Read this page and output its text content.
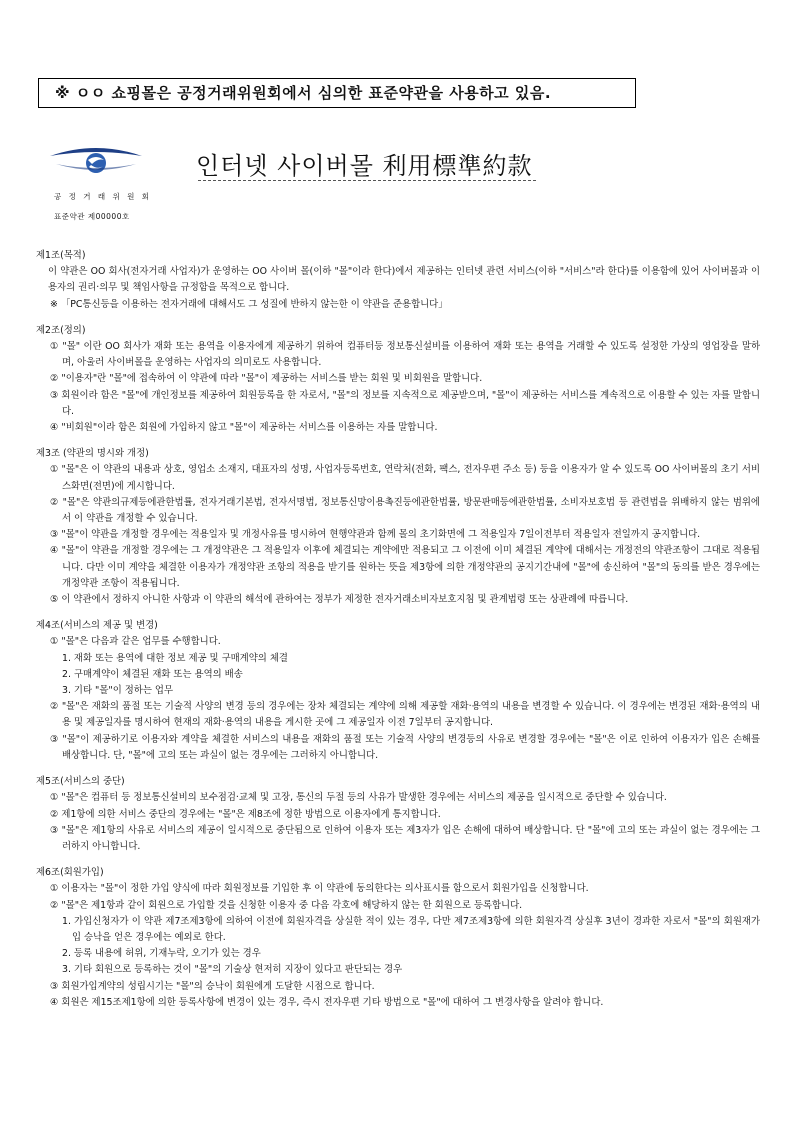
※ ㅇㅇ 쇼핑몰은 공정거래위원회에서 심의한 표준약관을 사용하고 있음.
공 정 거 래 위 원 회
표준약관 제00000호
인터넷 사이버몰 利用標準約款

제1조(목적)

이 약관은 OO 회사(전자거래 사업자)가 운영하는 OO 사이버 몰(이하 "몰"이라 한다)에서 제공하는 인터넷 관련 서비스(이하 "서비스"라 한다)를 이용함에 있어 사이버몰과 이용자의 권리·의무 및 책임사항을 규정함을 목적으로 합니다.

※ 「PC통신등을 이용하는 전자거래에 대해서도 그 성질에 반하지 않는한 이 약관을 준용합니다」

제2조(정의)

① "몰" 이란 OO 회사가 재화 또는 용역을 이용자에게 제공하기 위하여 컴퓨터등 정보통신설비를 이용하여 재화 또는 용역을 거래할 수 있도록 설정한 가상의 영업장을 말하며, 아울러 사이버몰을 운영하는 사업자의 의미로도 사용합니다.

② "이용자"란 "몰"에 접속하여 이 약관에 따라 "몰"이 제공하는 서비스를 받는 회원 및 비회원을 말합니다.

③ 회원이라 함은 "몰"에 개인정보를 제공하여 회원등록을 한 자로서, "몰"의 정보를 지속적으로 제공받으며, "몰"이 제공하는 서비스를 계속적으로 이용할 수 있는 자를 말합니다.

④ "비회원"이라 함은 회원에 가입하지 않고 "몰"이 제공하는 서비스를 이용하는 자를 말합니다.

제3조 (약관의 명시와 개정)

① "몰"은 이 약관의 내용과 상호, 영업소 소재지, 대표자의 성명, 사업자등록번호, 연락처(전화, 팩스, 전자우편 주소 등) 등을 이용자가 알 수 있도록 OO 사이버몰의 초기 서비스화면(전면)에 게시합니다.

② "몰"은 약관의규제등에관한법률, 전자거래기본법, 전자서명법, 정보통신망이용촉진등에관한법률, 방문판매등에관한법률, 소비자보호법 등 관련법을 위배하지 않는 범위에서 이 약관을 개정할 수 있습니다.

③ "몰"이 약관을 개정할 경우에는 적용일자 및 개정사유를 명시하여 현행약관과 함께 몰의 초기화면에 그 적용일자 7일이전부터 적용일자 전일까지 공지합니다.

④ "몰"이 약관을 개정할 경우에는 그 개정약관은 그 적용일자 이후에 체결되는 계약에만 적용되고 그 이전에 이미 체결된 계약에 대해서는 개정전의 약관조항이 그대로 적용됩니다. 다만 이미 계약을 체결한 이용자가 개정약관 조항의 적용을 받기를 원하는 뜻을 제3항에 의한 개정약관의 공지기간내에 "몰"에 송신하여 "몰"의 동의를 받은 경우에는 개정약관 조항이 적용됩니다.

⑤ 이 약관에서 정하지 아니한 사항과 이 약관의 해석에 관하여는 정부가 제정한 전자거래소비자보호지침 및 관계법령 또는 상관례에 따릅니다.

제4조(서비스의 제공 및 변경)

① "몰"은 다음과 같은 업무를 수행합니다.

1. 재화 또는 용역에 대한 정보 제공 및 구매계약의 체결

2. 구매계약이 체결된 재화 또는 용역의 배송

3. 기타 "몰"이 정하는 업무

② "몰"은 재화의 품절 또는 기술적 사양의 변경 등의 경우에는 장차 체결되는 계약에 의해 제공할 재화·용역의 내용을 변경할 수 있습니다. 이 경우에는 변경된 재화·용역의 내용 및 제공일자를 명시하여 현재의 재화·용역의 내용을 게시한 곳에 그 제공일자 이전 7일부터 공지합니다.

③ "몰"이 제공하기로 이용자와 계약을 체결한 서비스의 내용을 재화의 품절 또는 기술적 사양의 변경등의 사유로 변경할 경우에는 "몰"은 이로 인하여 이용자가 입은 손해를 배상합니다. 단, "몰"에 고의 또는 과실이 없는 경우에는 그러하지 아니합니다.

제5조(서비스의 중단)

① "몰"은 컴퓨터 등 정보통신설비의 보수점검·교체 및 고장, 통신의 두절 등의 사유가 발생한 경우에는 서비스의 제공을 일시적으로 중단할 수 있습니다.

② 제1항에 의한 서비스 중단의 경우에는 "몰"은 제8조에 정한 방법으로 이용자에게 통지합니다.

③ "몰"은 제1항의 사유로 서비스의 제공이 일시적으로 중단됨으로 인하여 이용자 또는 제3자가 입은 손해에 대하여 배상합니다. 단 "몰"에 고의 또는 과실이 없는 경우에는 그러하지 아니합니다.

제6조(회원가입)

① 이용자는 "몰"이 정한 가입 양식에 따라 회원정보를 기입한 후 이 약관에 동의한다는 의사표시를 함으로서 회원가입을 신청합니다.

② "몰"은 제1항과 같이 회원으로 가입할 것을 신청한 이용자 중 다음 각호에 해당하지 않는 한 회원으로 등록합니다.

1. 가입신청자가 이 약관 제7조제3항에 의하여 이전에 회원자격을 상실한 적이 있는 경우, 다만 제7조제3항에 의한 회원자격 상실후 3년이 경과한 자로서 "몰"의 회원재가입 승낙을 얻은 경우에는 예외로 한다.

2. 등록 내용에 허위, 기재누락, 오기가 있는 경우

3. 기타 회원으로 등록하는 것이 "몰"의 기술상 현저히 지장이 있다고 판단되는 경우

③ 회원가입계약의 성립시기는 "몰"의 승낙이 회원에게 도달한 시점으로 합니다.

④ 회원은 제15조제1항에 의한 등록사항에 변경이 있는 경우, 즉시 전자우편 기타 방법으로 "몰"에 대하여 그 변경사항을 알려야 합니다.
